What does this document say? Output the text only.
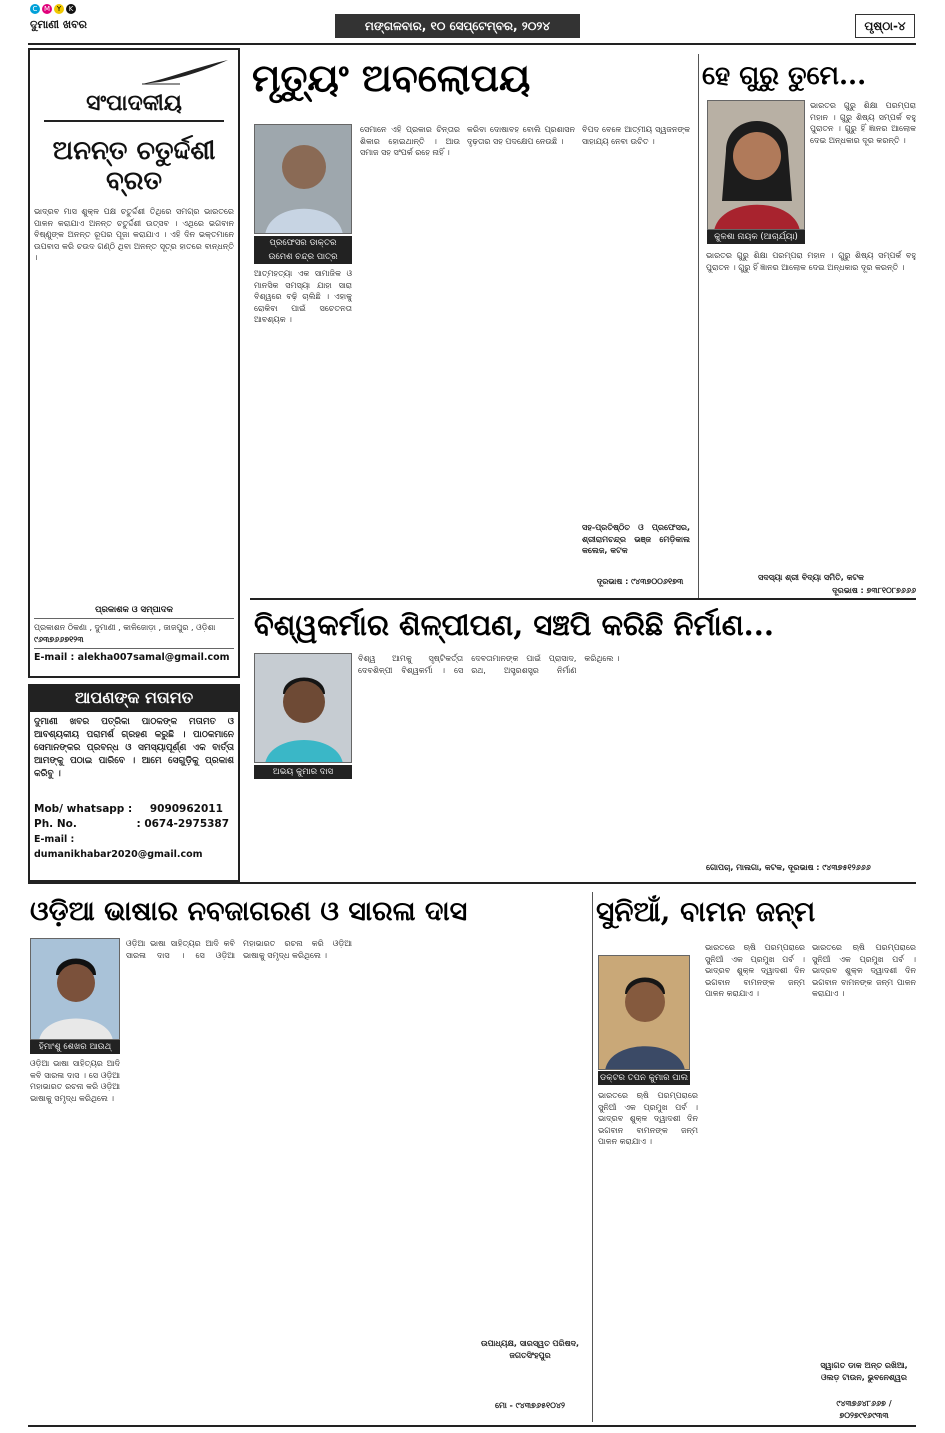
C M Y	K
ଦୁମାଣୀ ଖବର	ମଙ୍ଗଳବାର, ୧୦ ସେପ୍ଟେମ୍ବର, ୨୦୨୪	ପୃଷ୍ଠା-୪
ସଂପାଦକୀୟ
ଅନନ୍ତ ଚତୁର୍ଦ୍ଦଶୀ ବ୍ରତ
ଭାଦ୍ରବ ମାସ ଶୁକ୍ଳ ପକ୍ଷ ଚତୁର୍ଦ୍ଦଶୀ ତିଥିରେ ସମଗ୍ର ଭାରତରେ ପାଳନ କରାଯାଏ ଅନନ୍ତ ଚତୁର୍ଦ୍ଦଶୀ ଉତ୍ସବ । ଏଥିରେ ଭଗବାନ ବିଷ୍ଣୁଙ୍କ ଅନନ୍ତ ରୂପର ପୂଜା କରାଯାଏ । ଏହି ଦିନ ଭକ୍ତମାନେ ଉପବାସ କରି ଚଉଦ ଗଣ୍ଠି ଥିବା ଅନନ୍ତ ସୂତ୍ର ହାତରେ ବାନ୍ଧନ୍ତି ।
ପ୍ରକାଶକ ଓ ସମ୍ପାଦକ
ପ୍ରକାଶନ ଠିକଣା , ଦୁମାଣୀ , କାଳିଜୋଡ଼ା , ଜାଜପୁର , ଓଡ଼ିଶା
୯୬୩୭୬୬୭୧୨୩
E-mail : alekha007samal@gmail.com
ଆପଣଙ୍କ ମତାମତ
ଦୁମାଣୀ ଖବର ପତ୍ରିକା ପାଠକଙ୍କ ମତାମତ ଓ ଆବଶ୍ୟକୀୟ ପରାମର୍ଶ ଗ୍ରହଣ କରୁଛି । ପାଠକମାନେ ସେମାନଙ୍କର ପ୍ରବନ୍ଧ ଓ ସମସ୍ୟାପୂର୍ଣ୍ଣ ଏକ ବାର୍ତ୍ତା ଆମଙ୍କୁ ପଠାଇ ପାରିବେ । ଆମେ ସେଗୁଡ଼ିକୁ ପ୍ରକାଶ କରିବୁ ।
Mob/ whatsapp : 9090962011
Ph. No.	: 0674-2975387
E-mail : dumanikhabar2020@gmail.com
ମୃତ୍ୟୁଂ ଅବଲୋପୟ
ପ୍ରଫେସର ଡାକ୍ତର
ଉମେଶ ଚନ୍ଦ୍ର ପାତ୍ର
ଆତ୍ମହତ୍ୟା ଏକ ସାମାଜିକ ଓ ମାନସିକ ସମସ୍ୟା ଯାହା ସାରା ବିଶ୍ୱରେ ବଢ଼ି ଚାଲିଛି । ଏହାକୁ ରୋକିବା ପାଇଁ ସଚେତନତା ଆବଶ୍ୟକ ।
ସେମାନେ ଏହି ପ୍ରକାର ଚିନ୍ତାର ଶିକାର ହୋଇଥାନ୍ତି । ଆଉ ସମାଜ ସହ ସଂପର୍କ ରହେ ନାହିଁ ।
କରିବା ଦୋଷାବହ ବୋଲି ପ୍ରଶାସନ ଦୃଢ଼ତାର ସହ ପଦକ୍ଷେପ ନେଉଛି ।
ବିପଦ ବେଳେ ଆତ୍ମୀୟ ସ୍ୱଜନଙ୍କ ସାହାଯ୍ୟ ନେବା ଉଚିତ ।
ସହ-ପ୍ରତିଷ୍ଠିତ ଓ ପ୍ରଫେସର, ଶ୍ରୀରାମଚନ୍ଦ୍ର ଭଞ୍ଜ ମେଡ଼ିକାଲ କଲେଜ, କଟକ
ଦୂରଭାଷ : ୯୪୩୭୦୦୬୧୭୩
ହେ ଗୁରୁ ତୁମେ...
କୁଳଶା ନାୟକ (ଆଚାର୍ଯ୍ୟା)
ଭାରତର ଗୁରୁ ଶିକ୍ଷା ପରମ୍ପରା ମହାନ । ଗୁରୁ ଶିଷ୍ୟ ସମ୍ପର୍କ ବହୁ ପୁରାତନ । ଗୁରୁ ହିଁ ଜ୍ଞାନର ଆଲୋକ ଦେଇ ଅନ୍ଧକାର ଦୂର କରନ୍ତି ।
ଭାରତର ଗୁରୁ ଶିକ୍ଷା ପରମ୍ପରା ମହାନ । ଗୁରୁ ଶିଷ୍ୟ ସମ୍ପର୍କ ବହୁ ପୁରାତନ । ଗୁରୁ ହିଁ ଜ୍ଞାନର ଆଲୋକ ଦେଇ ଅନ୍ଧକାର ଦୂର କରନ୍ତି ।
ସଦସ୍ୟା ଶ୍ରୀ ବିଦ୍ୟା ସମିତି, କଟକ
ଦୂରଭାଷ : ୭୩୮୧୦୮୭୬୬୬
ବିଶ୍ୱକର୍ମାର ଶିଳ୍ପୀପଣ, ସଞ୍ଚପି କରିଛି ନିର୍ମାଣ...
ଅଭୟ କୁମାର ଦାସ
ବିଶ୍ୱ ଆମକୁ ସୃଷ୍ଟିକର୍ତ୍ତା ଦେବଶିଳ୍ପୀ ବିଶ୍ୱକର୍ମା । ସେ ଦେବତାମାନଙ୍କ ପାଇଁ ପ୍ରାସାଦ, ରଥ, ଅସ୍ତ୍ରଶସ୍ତ୍ର ନିର୍ମାଣ କରିଥିଲେ ।
ଗୋପଚା, ମାଲଗା, କଟକ, ଦୂରଭାଷ : ୯୪୩୭୫୧୨୬୬୬
ଓଡ଼ିଆ ଭାଷାର ନବଜାଗରଣ ଓ ସାରଳା ଦାସ
ହିମାଂଶୁ ଶେଖର ଆଉଥ୍
ଓଡ଼ିଆ ଭାଷା ସାହିତ୍ୟର ଆଦି କବି ସାରଳା ଦାସ । ସେ ଓଡ଼ିଆ ମହାଭାରତ ରଚନା କରି ଓଡ଼ିଆ ଭାଷାକୁ ସମୃଦ୍ଧ କରିଥିଲେ ।
ଓଡ଼ିଆ ଭାଷା ସାହିତ୍ୟର ଆଦି କବି ସାରଳା ଦାସ । ସେ ଓଡ଼ିଆ ମହାଭାରତ ରଚନା କରି ଓଡ଼ିଆ ଭାଷାକୁ ସମୃଦ୍ଧ କରିଥିଲେ ।
ଉପାଧ୍ୟକ୍ଷ, ସାରସ୍ୱତ ପରିଷଦ, ଜଗତସିଂହପୁର
ମୋ - ୯୪୩୭୬୫୧୦୪୨
ସୁନିଆଁ, ବାମନ ଜନ୍ମ
ଡକ୍ଟର ତପନ କୁମାର ପାଲ
ଭାରତରେ ଋଷି ପରମ୍ପରାରେ ସୁନିଆଁ ଏକ ପ୍ରମୁଖ ପର୍ବ । ଭାଦ୍ରବ ଶୁକ୍ଳ ଦ୍ୱାଦଶୀ ଦିନ ଭଗବାନ ବାମନଙ୍କ ଜନ୍ମ ପାଳନ କରାଯାଏ ।
ଭାରତରେ ଋଷି ପରମ୍ପରାରେ ସୁନିଆଁ ଏକ ପ୍ରମୁଖ ପର୍ବ । ଭାଦ୍ରବ ଶୁକ୍ଳ ଦ୍ୱାଦଶୀ ଦିନ ଭଗବାନ ବାମନଙ୍କ ଜନ୍ମ ପାଳନ କରାଯାଏ ।
ଭାରତରେ ଋଷି ପରମ୍ପରାରେ ସୁନିଆଁ ଏକ ପ୍ରମୁଖ ପର୍ବ । ଭାଦ୍ରବ ଶୁକ୍ଳ ଦ୍ୱାଦଶୀ ଦିନ ଭଗବାନ ବାମନଙ୍କ ଜନ୍ମ ପାଳନ କରାଯାଏ ।
ସ୍ୱାଗତ ଡାକ ଅନ୍ତ ରଖିଆ, ଓଲଡ଼ ଟାଉନ, ଭୁବନେଶ୍ୱର
୯୪୩୭୬୪୮୬୬୭ / ୭୦୨୭୯୧୬୯୩୩
